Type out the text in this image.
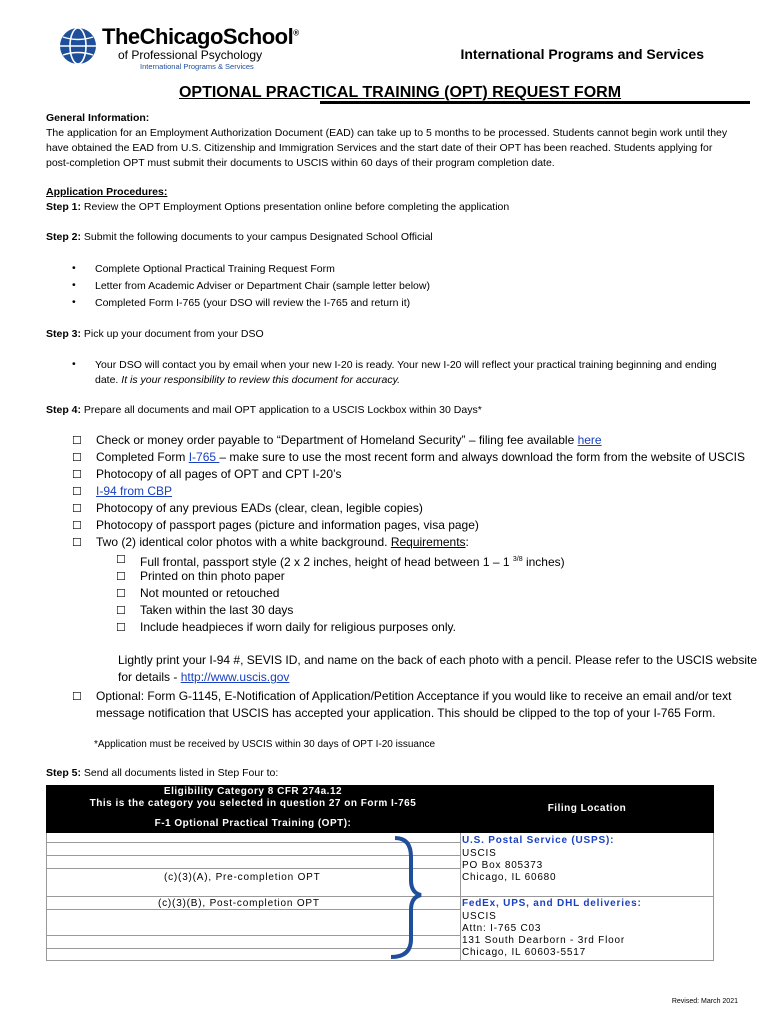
TheChicagoSchool®
of Professional Psychology
International Programs & Services
International Programs and Services
OPTIONAL PRACTICAL TRAINING (OPT) REQUEST FORM
General Information:
The application for an Employment Authorization Document (EAD) can take up to 5 months to be processed. Students cannot begin work until they
have obtained the EAD from U.S. Citizenship and Immigration Services and the start date of their OPT has been reached. Students applying for
post-completion OPT must submit their documents to USCIS within 60 days of their program completion date.
Application Procedures:
Step 1: Review the OPT Employment Options presentation online before completing the application
Step 2: Submit the following documents to your campus Designated School Official
• Complete Optional Practical Training Request Form
• Letter from Academic Adviser or Department Chair (sample letter below)
• Completed Form I-765 (your DSO will review the I-765 and return it)
Step 3: Pick up your document from your DSO
• Your DSO will contact you by email when your new I-20 is ready. Your new I-20 will reflect your practical training beginning and ending
date. It is your responsibility to review this document for accuracy.
Step 4: Prepare all documents and mail OPT application to a USCIS Lockbox within 30 Days*
☐ Check or money order payable to “Department of Homeland Security” – filing fee available here
☐ Completed Form I-765 – make sure to use the most recent form and always download the form from the website of USCIS
☐ Photocopy of all pages of OPT and CPT I-20’s
☐ I-94 from CBP
☐ Photocopy of any previous EADs (clear, clean, legible copies)
☐ Photocopy of passport pages (picture and information pages, visa page)
☐ Two (2) identical color photos with a white background. Requirements:
☐ Full frontal, passport style (2 x 2 inches, height of head between 1 – 1 $^{3/8}$ inches)
☐ Printed on thin photo paper
☐ Not mounted or retouched
☐ Taken within the last 30 days
☐ Include headpieces if worn daily for religious purposes only.
Lightly print your I-94 #, SEVIS ID, and name on the back of each photo with a pencil. Please refer to the USCIS website
for details - http://www.uscis.gov
☐ Optional: Form G-1145, E-Notification of Application/Petition Acceptance if you would like to receive an email and/or text
message notification that USCIS has accepted your application. This should be clipped to the top of your I-765 Form.
*Application must be received by USCIS within 30 days of OPT I-20 issuance
Step 5: Send all documents listed in Step Four to:
Eligibility Category 8 CFR 274a.12
This is the category you selected in question 27 on Form I-765
F-1 Optional Practical Training (OPT):
Filing Location
(c)(3)(A), Pre-completion OPT
(c)(3)(B), Post-completion OPT
U.S. Postal Service (USPS):
USCIS
PO Box 805373
Chicago, IL 60680
FedEx, UPS, and DHL deliveries:
USCIS
Attn: I-765 C03
131 South Dearborn - 3rd Floor
Chicago, IL 60603-5517
Revised: March 2021
